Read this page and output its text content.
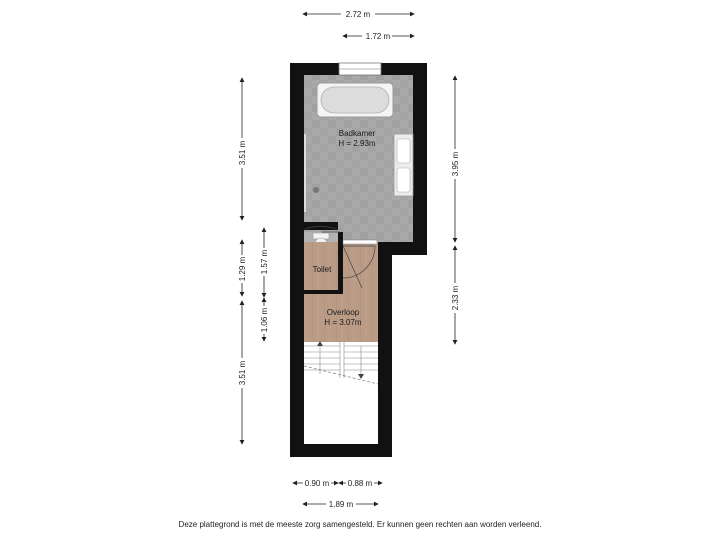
Badkamer
H = 2.93m
Toilet
Overloop
H = 3.07m
2.72 m
1.72 m
3.51 m
1.29 m 1.57 m
1.06 m
3.51 m
3.95 m
2.33 m
0.90 m 0.88 m
1.89 m
Deze plattegrond is met de meeste zorg samengesteld. Er kunnen geen rechten aan worden verleend.
